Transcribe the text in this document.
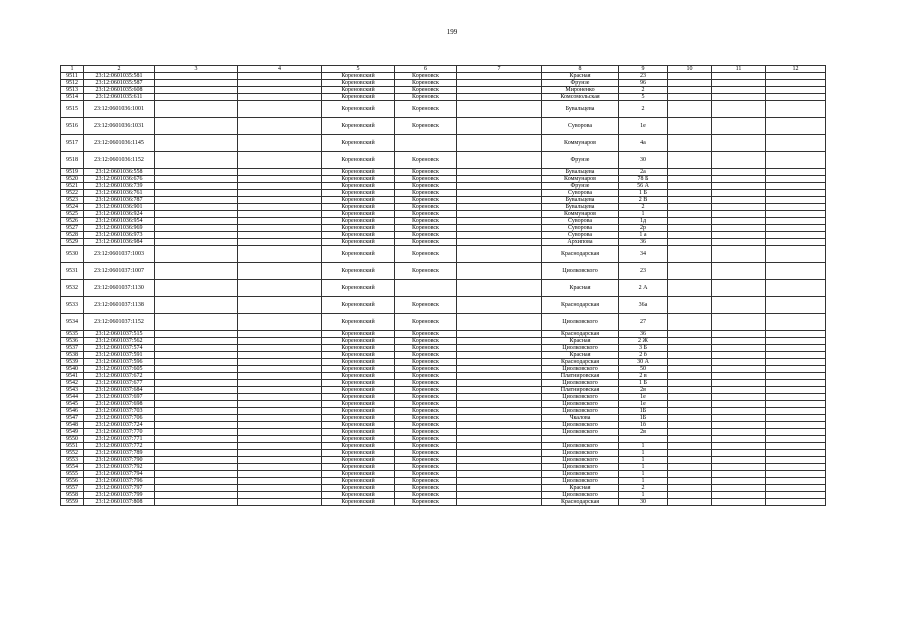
199
1	2	3	4	5	6	7	8	9	10	11	12
9511	23:12:0601035:581			Кореновский	Кореновск		Красная	23			
9512	23:12:0601035:587			Кореновский	Кореновск		Фрунзе	96			
9513	23:12:0601035:608			Кореновский	Кореновск		Мироненко	2			
9514	23:12:0601035:611			Кореновский	Кореновск		Комсомольская	5			
9515	23:12:0601036:1001			Кореновский	Кореновск		Бувальцева	2			
9516	23:12:0601036:1031			Кореновский	Кореновск		Суворова	1е			
9517	23:12:0601036:1145			Кореновский			Коммунаров	4а			
9518	23:12:0601036:1152			Кореновский	Кореновск		Фрунзе	30			
9519	23:12:0601036:558			Кореновский	Кореновск		Бувальцева	2а			
9520	23:12:0601036:676			Кореновский	Кореновск		Коммунаров	78 Б			
9521	23:12:0601036:739			Кореновский	Кореновск		Фрунзе	56 А			
9522	23:12:0601036:761			Кореновский	Кореновск		Суворова	1 Б			
9523	23:12:0601036:787			Кореновский	Кореновск		Бувальцева	2 В			
9524	23:12:0601036:901			Кореновский	Кореновск		Бувальцева	2			
9525	23:12:0601036:924			Кореновский	Кореновск		Коммунаров	1			
9526	23:12:0601036:954			Кореновский	Кореновск		Суворова	1д			
9527	23:12:0601036:969			Кореновский	Кореновск		Суворова	2р			
9528	23:12:0601036:973			Кореновский	Кореновск		Суворова	1 а			
9529	23:12:0601036:984			Кореновский	Кореновск		Архипова	36			
9530	23:12:0601037:1003			Кореновский	Кореновск		Краснодарская	34			
9531	23:12:0601037:1007			Кореновский	Кореновск		Циолковского	23			
9532	23:12:0601037:1130			Кореновский			Красная	2 А			
9533	23:12:0601037:1138			Кореновский	Кореновск		Краснодарская	36а			
9534	23:12:0601037:1152			Кореновский	Кореновск		Циолковского	27			
9535	23:12:0601037:515			Кореновский	Кореновск		Краснодарская	36			
9536	23:12:0601037:562			Кореновский	Кореновск		Красная	2 Ж			
9537	23:12:0601037:574			Кореновский	Кореновск		Циолковского	3 Б			
9538	23:12:0601037:591			Кореновский	Кореновск		Красная	2 б			
9539	23:12:0601037:596			Кореновский	Кореновск		Краснодарская	30 А			
9540	23:12:0601037:605			Кореновский	Кореновск		Циолковского	50			
9541	23:12:0601037:672			Кореновский	Кореновск		Платнировская	2 в			
9542	23:12:0601037:677			Кореновский	Кореновск		Циолковского	1 Б			
9543	23:12:0601037:684			Кореновский	Кореновск		Платнировская	2в			
9544	23:12:0601037:697			Кореновский	Кореновск		Циолковского	1е			
9545	23:12:0601037:698			Кореновский	Кореновск		Циолковского	1е			
9546	23:12:0601037:703			Кореновский	Кореновск		Циолковского	1Б			
9547	23:12:0601037:706			Кореновский	Кореновск		Чкалова	1Б			
9548	23:12:0601037:724			Кореновский	Кореновск		Циолковского	1б			
9549	23:12:0601037:770			Кореновский	Кореновск		Циолковского	2в			
9550	23:12:0601037:771			Кореновский	Кореновск						
9551	23:12:0601037:772			Кореновский	Кореновск		Циолковского	1			
9552	23:12:0601037:789			Кореновский	Кореновск		Циолковского	1			
9553	23:12:0601037:790			Кореновский	Кореновск		Циолковского	1			
9554	23:12:0601037:792			Кореновский	Кореновск		Циолковского	1			
9555	23:12:0601037:794			Кореновский	Кореновск		Циолковского	1			
9556	23:12:0601037:796			Кореновский	Кореновск		Циолковского	1			
9557	23:12:0601037:797			Кореновский	Кореновск		Красная	2			
9558	23:12:0601037:799			Кореновский	Кореновск		Циолковского	1			
9559	23:12:0601037:808			Кореновский	Кореновск		Краснодарская	30			
